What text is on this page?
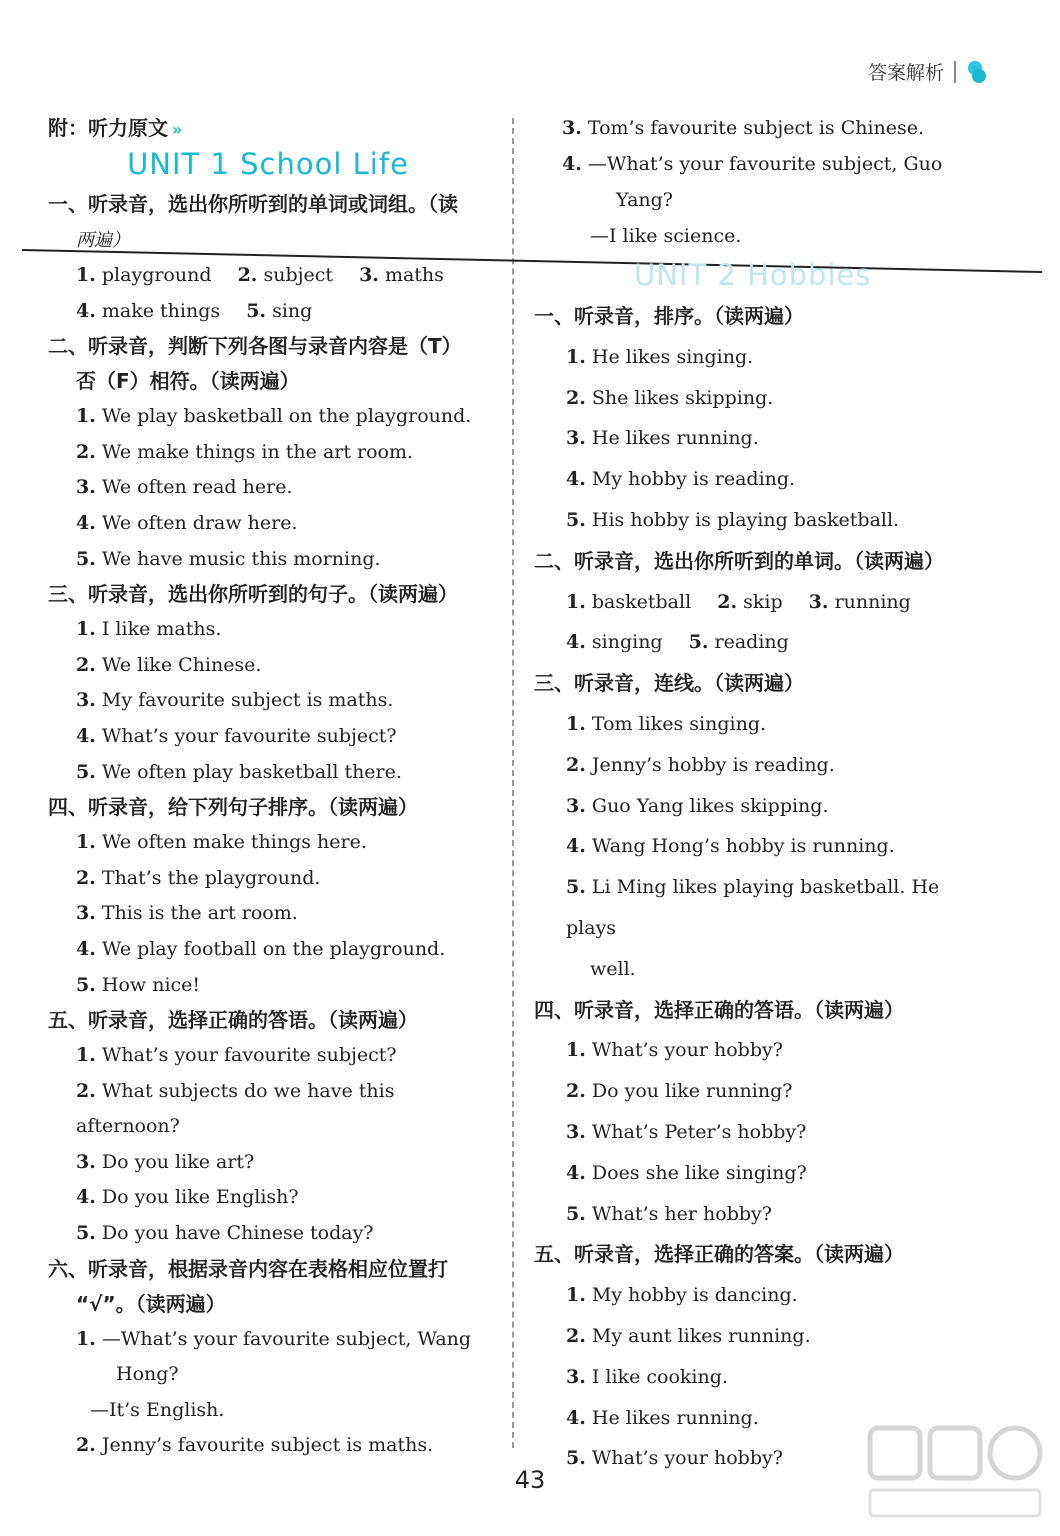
答案解析
附：听力原文 »
UNIT 1 School Life
一、听录音，选出你所听到的单词或词组。（读
两遍）

1. playground 2. subject 3. maths

4. make things 5. sing

二、听录音，判断下列各图与录音内容是（T）
否（F）相符。（读两遍）

1. We play basketball on the playground.

2. We make things in the art room.

3. We often read here.

4. We often draw here.

5. We have music this morning.

三、听录音，选出你所听到的句子。（读两遍）

1. I like maths.

2. We like Chinese.

3. My favourite subject is maths.

4. What’s your favourite subject?

5. We often play basketball there.

四、听录音，给下列句子排序。（读两遍）

1. We often make things here.

2. That’s the playground.

3. This is the art room.

4. We play football on the playground.

5. How nice!

五、听录音，选择正确的答语。（读两遍）

1. What’s your favourite subject?

2. What subjects do we have this afternoon?

3. Do you like art?

4. Do you like English?

5. Do you have Chinese today?

六、听录音，根据录音内容在表格相应位置打
“√”。（读两遍）

1. —What’s your favourite subject, Wang

Hong?
—It’s English.

2. Jenny’s favourite subject is maths.

3. Tom’s favourite subject is Chinese.

4. —What’s your favourite subject, Guo

Yang?
—I like science.
UNIT 2 Hobbies
一、听录音，排序。（读两遍）

1. He likes singing.

2. She likes skipping.

3. He likes running.

4. My hobby is reading.

5. His hobby is playing basketball.

二、听录音，选出你所听到的单词。（读两遍）

1. basketball 2. skip 3. running

4. singing 5. reading

三、听录音，连线。（读两遍）

1. Tom likes singing.

2. Jenny’s hobby is reading.

3. Guo Yang likes skipping.

4. Wang Hong’s hobby is running.

5. Li Ming likes playing basketball. He plays

well.
四、听录音，选择正确的答语。（读两遍）

1. What’s your hobby?

2. Do you like running?

3. What’s Peter’s hobby?

4. Does she like singing?

5. What’s her hobby?

五、听录音，选择正确的答案。（读两遍）

1. My hobby is dancing.

2. My aunt likes running.

3. I like cooking.

4. He likes running.

5. What’s your hobby?

43
